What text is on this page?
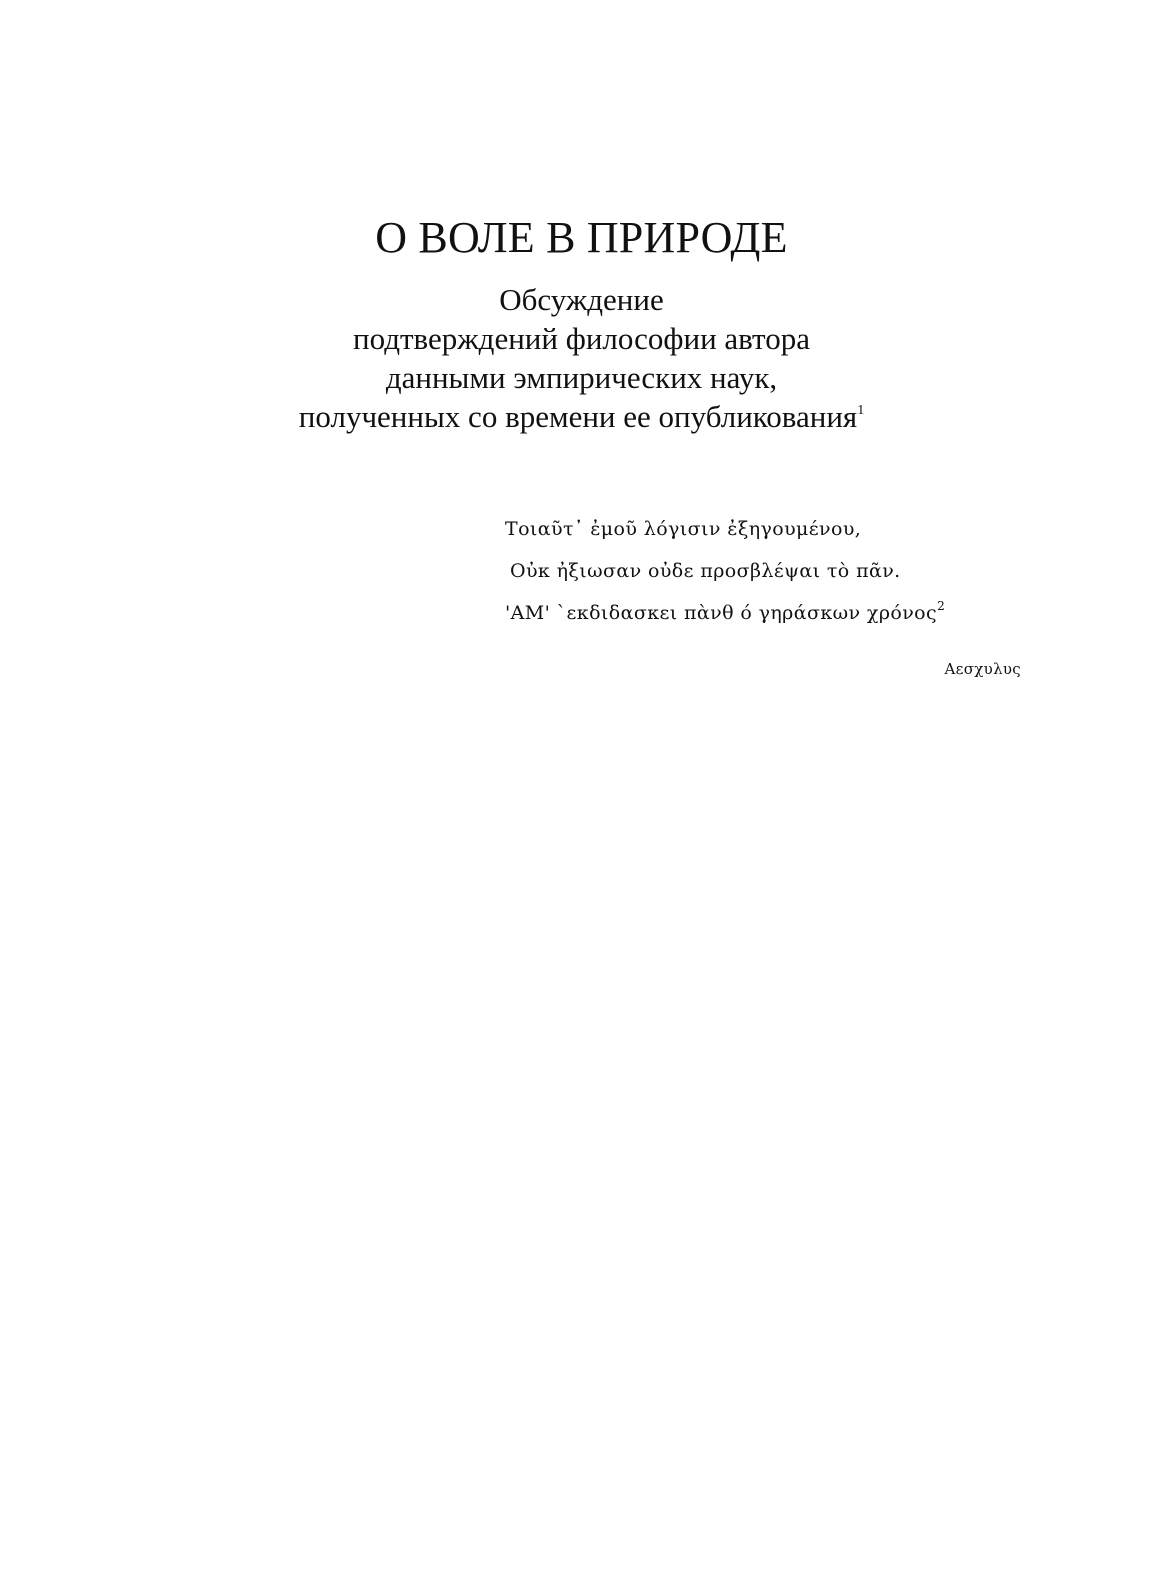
О ВОЛЕ В ПРИРОДЕ
Обсуждение
подтверждений философии автора
данными эмпирических наук,
полученных со времени ее опубликования$^1$
Τοιαῦτ᾽ ἐμοῦ λόγισιν ἐξηγουμένου,
Οὐκ ἠξιωσαν οὐδε προσβλέψαι τὸ πᾶν.
'ΑΜ' `εκδιδασκει πὰνθ ό γηράσκων χρόνος$^2$
Αεσχυλυς
